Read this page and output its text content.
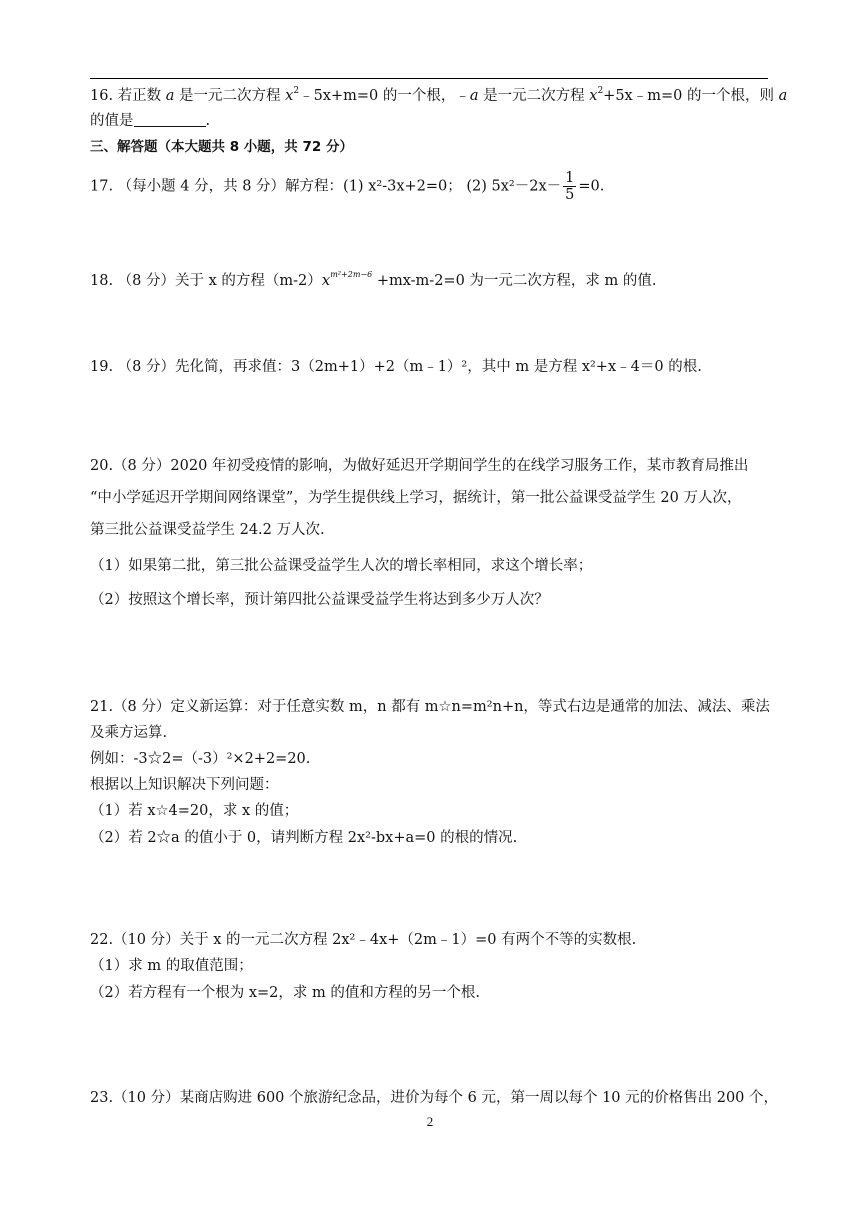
16. 若正数 a 是一元二次方程 $x^2﹣5x+m=0$ 的一个根，﹣a 是一元二次方程 $x^2+5x﹣m=0$ 的一个根，则 a
的值是	.
三、解答题（本大题共 8 小题，共 72 分）
17. （每小题 4 分，共 8 分）解方程：(1) x²-3x+2=0； (2) $5x^2-2x- \frac{1}{5} =0$.
18. （8 分）关于 x 的方程$(m-2)x^{m^2+2m-6} +mx-m-2=0$ 为一元二次方程，求 m 的值.
19. （8 分）先化简，再求值：3（2m+1）+2（m﹣1）²，其中 m 是方程 x²+x﹣4＝0 的根.
20.（8 分）2020 年初受疫情的影响，为做好延迟开学期间学生的在线学习服务工作，某市教育局推出
“中小学延迟开学期间网络课堂”，为学生提供线上学习，据统计，第一批公益课受益学生 20 万人次，
第三批公益课受益学生 24.2 万人次.
（1）如果第二批，第三批公益课受益学生人次的增长率相同，求这个增长率；
（2）按照这个增长率，预计第四批公益课受益学生将达到多少万人次？
21.（8 分）定义新运算：对于任意实数 m，n 都有 m☆n=m²n+n，等式右边是通常的加法、减法、乘法
及乘方运算.
例如：-3☆2=（-3）²×2+2=20.
根据以上知识解决下列问题：
（1）若 x☆4=20，求 x 的值；
（2）若 2☆a 的值小于 0，请判断方程 2x²-bx+a=0 的根的情况.
22.（10 分）关于 x 的一元二次方程 2x²﹣4x+（2m﹣1）=0 有两个不等的实数根.
（1）求 m 的取值范围；
（2）若方程有一个根为 x=2，求 m 的值和方程的另一个根.
23.（10 分）某商店购进 600 个旅游纪念品，进价为每个 6 元，第一周以每个 10 元的价格售出 200 个，
2
